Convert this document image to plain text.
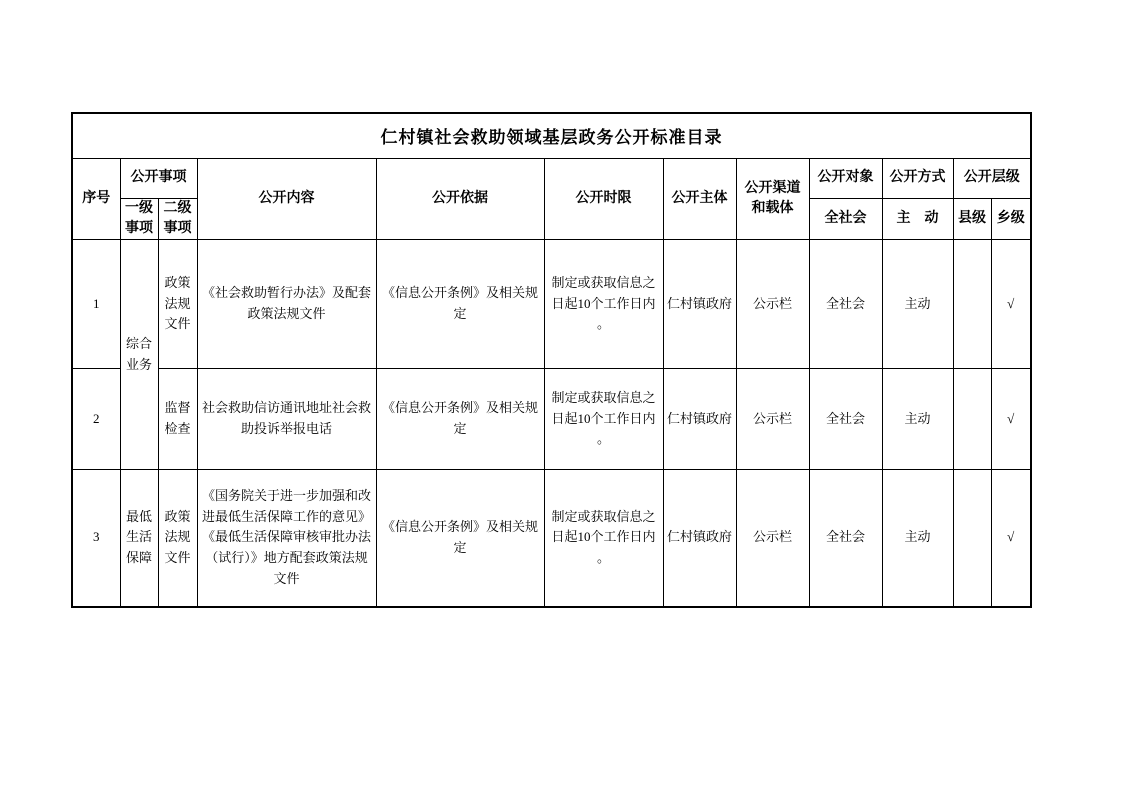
仁村镇社会救助领域基层政务公开标准目录											
序号	公开事项		公开内容	公开依据	公开时限	公开主体	公开渠道和载体	公开对象	公开方式	公开层级	
	一级事项	二级事项						全社会	主　动	县级	乡级
1	综合业务	政策法规文件	《社会救助暂行办法》及配套政策法规文件	《信息公开条例》及相关规定	制定或获取信息之日起10个工作日内。	仁村镇政府	公示栏	全社会	主动		√
2		监督检查	社会救助信访通讯地址社会救助投诉举报电话	《信息公开条例》及相关规定	制定或获取信息之日起10个工作日内。	仁村镇政府	公示栏	全社会	主动		√
3	最低生活保障	政策法规文件	《国务院关于进一步加强和改进最低生活保障工作的意见》《最低生活保障审核审批办法（试行）》地方配套政策法规文件	《信息公开条例》及相关规定	制定或获取信息之日起10个工作日内。	仁村镇政府	公示栏	全社会	主动		√
